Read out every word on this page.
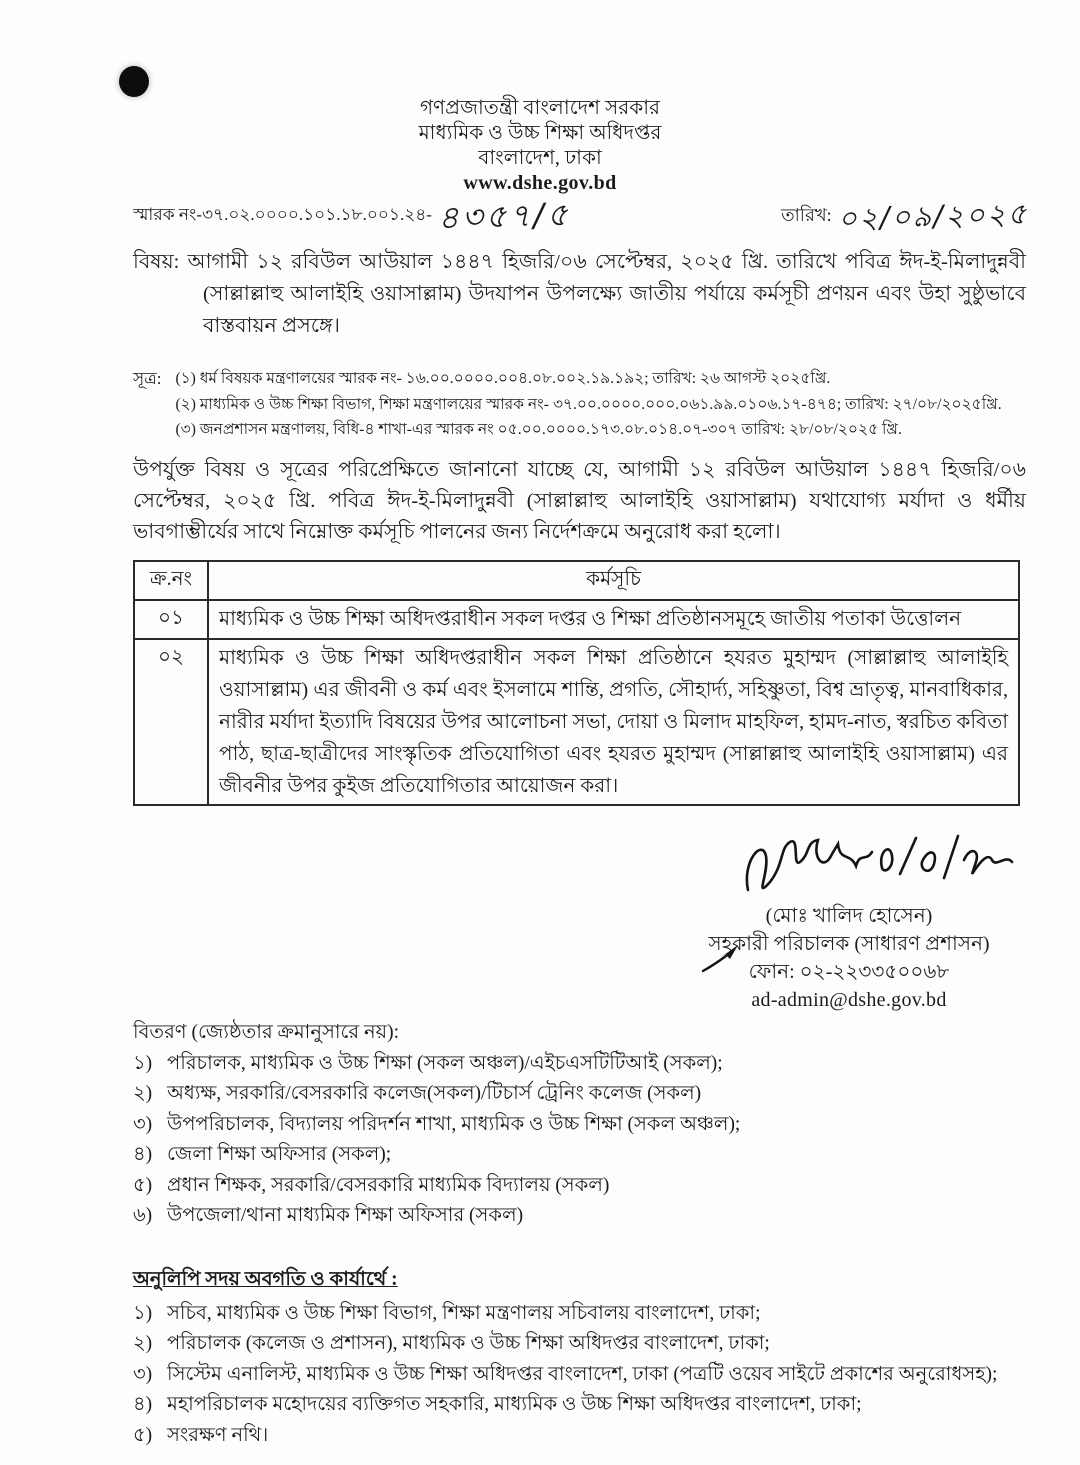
গণপ্রজাতন্ত্রী বাংলাদেশ সরকার
মাধ্যমিক ও উচ্চ শিক্ষা অধিদপ্তর
বাংলাদেশ, ঢাকা
www.dshe.gov.bd
স্মারক নং-৩৭.০২.০০০০.১০১.১৮.০০১.২৪- ৪৩৫৭/৫	তারিখ: ০২/০৯/২০২৫

বিষয়: আগামী ১২ রবিউল আউয়াল ১৪৪৭ হিজরি/০৬ সেপ্টেম্বর, ২০২৫ খ্রি. তারিখে পবিত্র ঈদ-ই-মিলাদুন্নবী (সাল্লাল্লাহু আলাইহি ওয়াসাল্লাম) উদযাপন উপলক্ষ্যে জাতীয় পর্যায়ে কর্মসূচী প্রণয়ন এবং উহা সুষ্ঠুভাবে বাস্তবায়ন প্রসঙ্গে।

সূত্র: (১) ধর্ম বিষয়ক মন্ত্রণালয়ের স্মারক নং- ১৬.০০.০০০০.০০৪.০৮.০০২.১৯.১৯২; তারিখ: ২৬ আগস্ট ২০২৫খ্রি.
(২) মাধ্যমিক ও উচ্চ শিক্ষা বিভাগ, শিক্ষা মন্ত্রণালয়ের স্মারক নং- ৩৭.০০.০০০০.০০০.০৬১.৯৯.০১০৬.১৭-৪৭৪; তারিখ: ২৭/০৮/২০২৫খ্রি.
(৩) জনপ্রশাসন মন্ত্রণালয়, বিধি-৪ শাখা-এর স্মারক নং ০৫.০০.০০০০.১৭৩.০৮.০১৪.০৭-৩০৭ তারিখ: ২৮/০৮/২০২৫ খ্রি.

উপর্যুক্ত বিষয় ও সূত্রের পরিপ্রেক্ষিতে জানানো যাচ্ছে যে, আগামী ১২ রবিউল আউয়াল ১৪৪৭ হিজরি/০৬ সেপ্টেম্বর, ২০২৫ খ্রি. পবিত্র ঈদ-ই-মিলাদুন্নবী (সাল্লাল্লাহু আলাইহি ওয়াসাল্লাম) যথাযোগ্য মর্যাদা ও ধর্মীয় ভাবগাম্ভীর্যের সাথে নিম্নোক্ত কর্মসূচি পালনের জন্য নির্দেশক্রমে অনুরোধ করা হলো।

ক্র.নং	কর্মসূচি
০১	মাধ্যমিক ও উচ্চ শিক্ষা অধিদপ্তরাধীন সকল দপ্তর ও শিক্ষা প্রতিষ্ঠানসমূহে জাতীয় পতাকা উত্তোলন
০২	মাধ্যমিক ও উচ্চ শিক্ষা অধিদপ্তরাধীন সকল শিক্ষা প্রতিষ্ঠানে হযরত মুহাম্মদ (সাল্লাল্লাহু আলাইহি ওয়াসাল্লাম) এর জীবনী ও কর্ম এবং ইসলামে শান্তি, প্রগতি, সৌহার্দ্য, সহিষ্ণুতা, বিশ্ব ভ্রাতৃত্ব, মানবাধিকার, নারীর মর্যাদা ইত্যাদি বিষয়ের উপর আলোচনা সভা, দোয়া ও মিলাদ মাহফিল, হামদ-নাত, স্বরচিত কবিতা পাঠ, ছাত্র-ছাত্রীদের সাংস্কৃতিক প্রতিযোগিতা এবং হযরত মুহাম্মদ (সাল্লাল্লাহু আলাইহি ওয়াসাল্লাম) এর জীবনীর উপর কুইজ প্রতিযোগিতার আয়োজন করা।
(মোঃ খালিদ হোসেন)
সহকারী পরিচালক (সাধারণ প্রশাসন)
ফোন: ০২-২২৩৩৫০০৬৮
ad-admin@dshe.gov.bd
বিতরণ (জ্যেষ্ঠতার ক্রমানুসারে নয়):
১) পরিচালক, মাধ্যমিক ও উচ্চ শিক্ষা (সকল অঞ্চল)/এইচএসটিটিআই (সকল);
২) অধ্যক্ষ, সরকারি/বেসরকারি কলেজ(সকল)/টিচার্স ট্রেনিং কলেজ (সকল)
৩) উপপরিচালক, বিদ্যালয় পরিদর্শন শাখা, মাধ্যমিক ও উচ্চ শিক্ষা (সকল অঞ্চল);
৪) জেলা শিক্ষা অফিসার (সকল);
৫) প্রধান শিক্ষক, সরকারি/বেসরকারি মাধ্যমিক বিদ্যালয় (সকল)
৬) উপজেলা/থানা মাধ্যমিক শিক্ষা অফিসার (সকল)
অনুলিপি সদয় অবগতি ও কার্যার্থে :
১) সচিব, মাধ্যমিক ও উচ্চ শিক্ষা বিভাগ, শিক্ষা মন্ত্রণালয় সচিবালয় বাংলাদেশ, ঢাকা;
২) পরিচালক (কলেজ ও প্রশাসন), মাধ্যমিক ও উচ্চ শিক্ষা অধিদপ্তর বাংলাদেশ, ঢাকা;
৩) সিস্টেম এনালিস্ট, মাধ্যমিক ও উচ্চ শিক্ষা অধিদপ্তর বাংলাদেশ, ঢাকা (পত্রটি ওয়েব সাইটে প্রকাশের অনুরোধসহ);
৪) মহাপরিচালক মহোদয়ের ব্যক্তিগত সহকারি, মাধ্যমিক ও উচ্চ শিক্ষা অধিদপ্তর বাংলাদেশ, ঢাকা;
৫) সংরক্ষণ নথি।
